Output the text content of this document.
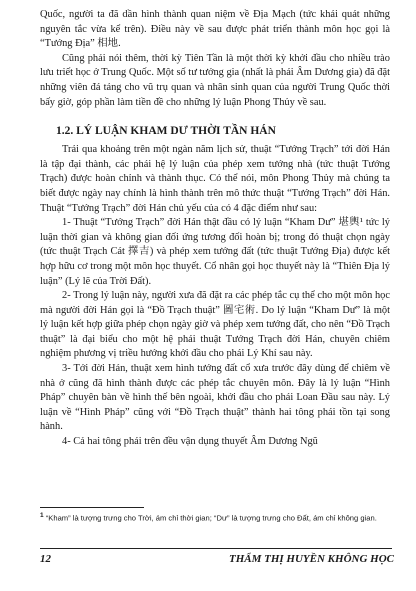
Quốc, người ta đã dần hình thành quan niệm về Địa Mạch (tức khái quát những nguyên tắc vừa kể trên). Điều này về sau được phát triển thành môn học gọi là “Tướng Địa” 相地.

Cũng phải nói thêm, thời kỳ Tiên Tần là một thời kỳ khởi đầu cho nhiều trào lưu triết học ở Trung Quốc. Một số tư tưởng gia (nhất là phái Âm Dương gia) đã đặt những viên đá tảng cho vũ trụ quan và nhân sinh quan của người Trung Quốc thời bấy giờ, góp phần làm tiền đề cho những lý luận Phong Thủy về sau.

1.2. LÝ LUẬN KHAM DƯ THỜI TẦN HÁN

Trải qua khoảng trên một ngàn năm lịch sử, thuật “Tướng Trạch” tới đời Hán là tập đại thành, các phái hệ lý luận của phép xem tướng nhà (tức thuật Tướng Trạch) được hoàn chỉnh và thành thục. Có thể nói, môn Phong Thủy mà chúng ta biết được ngày nay chính là hình thành trên mô thức thuật “Tướng Trạch” đời Hán. Thuật “Tướng Trạch” đời Hán chủ yếu của có 4 đặc điểm như sau:

1- Thuật “Tướng Trạch” đời Hán thật đầu có lý luận “Kham Dư” 堪輿¹ tức lý luận thời gian và không gian đối ứng tương đối hoàn bị; trong đó thuật chọn ngày (tức thuật Trạch Cát 擇吉) và phép xem tướng đất (tức thuật Tướng Địa) được kết hợp hữu cơ trong một môn học thuyết. Cổ nhân gọi học thuyết này là “Thiên Địa lý luận” (Lý lẽ của Trời Đất).

2- Trong lý luận này, người xưa đã đặt ra các phép tắc cụ thể cho một môn học mà người đời Hán gọi là “Đồ Trạch thuật” 圖宅術. Do lý luận “Kham Dư” là một lý luận kết hợp giữa phép chọn ngày giờ và phép xem tướng đất, cho nên “Đồ Trạch thuật” là đại biểu cho một hệ phái thuật Tướng Trạch đời Hán, chuyên chiêm nghiệm phương vị triều hướng khởi đầu cho phái Lý Khí sau này.

3- Tới đời Hán, thuật xem hình tướng đất cổ xưa trước đây dùng để chiêm về nhà ở cũng đã hình thành được các phép tắc chuyên môn. Đây là lý luận “Hình Pháp” chuyên bàn về hình thế bên ngoài, khởi đầu cho phái Loan Đầu sau này. Lý luận về “Hình Pháp” cũng với “Đồ Trạch thuật” thành hai tông phái tồn tại song hành.

4- Cả hai tông phái trên đều vận dụng thuyết Âm Dương Ngũ

$^1$ “Kham” là tượng trưng cho Trời, ám chỉ thời gian; “Dư” là tượng trưng cho Đất, ám chỉ không gian.
12	THẨM THỊ HUYỀN KHÔNG HỌC
